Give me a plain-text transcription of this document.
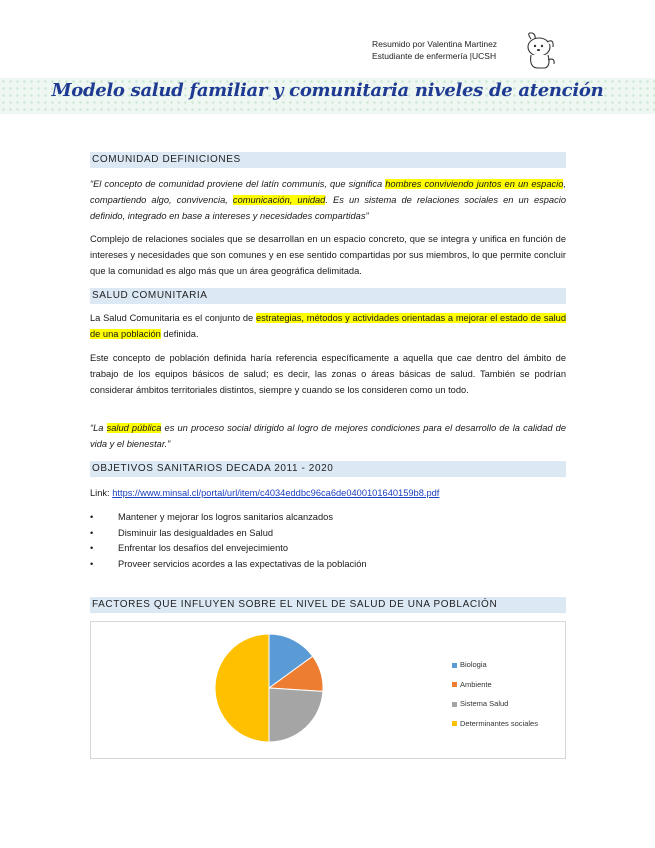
Resumido por Valentina Martinez
Estudiante de enfermería |UCSH
Modelo salud familiar y comunitaria niveles de atención
COMUNIDAD DEFINICIONES
“El concepto de comunidad proviene del latín communis, que significa hombres conviviendo juntos en un espacio, compartiendo algo, convivencia, comunicación, unidad. Es un sistema de relaciones sociales en un espacio definido, integrado en base a intereses y necesidades compartidas”
Complejo de relaciones sociales que se desarrollan en un espacio concreto, que se integra y unifica en función de intereses y necesidades que son comunes y en ese sentido compartidas por sus miembros, lo que permite concluir que la comunidad es algo más que un área geográfica delimitada.
SALUD COMUNITARIA
La Salud Comunitaria es el conjunto de estrategias, métodos y actividades orientadas a mejorar el estado de salud de una población definida.
Este concepto de población definida haría referencia específicamente a aquella que cae dentro del ámbito de trabajo de los equipos básicos de salud; es decir, las zonas o áreas básicas de salud. También se podrían considerar ámbitos territoriales distintos, siempre y cuando se los consideren como un todo.
“La salud pública es un proceso social dirigido al logro de mejores condiciones para el desarrollo de la calidad de vida y el bienestar.”
OBJETIVOS SANITARIOS DECADA 2011 - 2020
Link: https://www.minsal.cl/portal/url/item/c4034eddbc96ca6de0400101640159b8.pdf
• Mantener y mejorar los logros sanitarios alcanzados
• Disminuir las desigualdades en Salud
• Enfrentar los desafíos del envejecimiento
• Proveer servicios acordes a las expectativas de la población
FACTORES QUE INFLUYEN SOBRE EL NIVEL DE SALUD DE UNA POBLACIÓN
Biologia
Ambiente
Sistema Salud
Determinantes sociales
